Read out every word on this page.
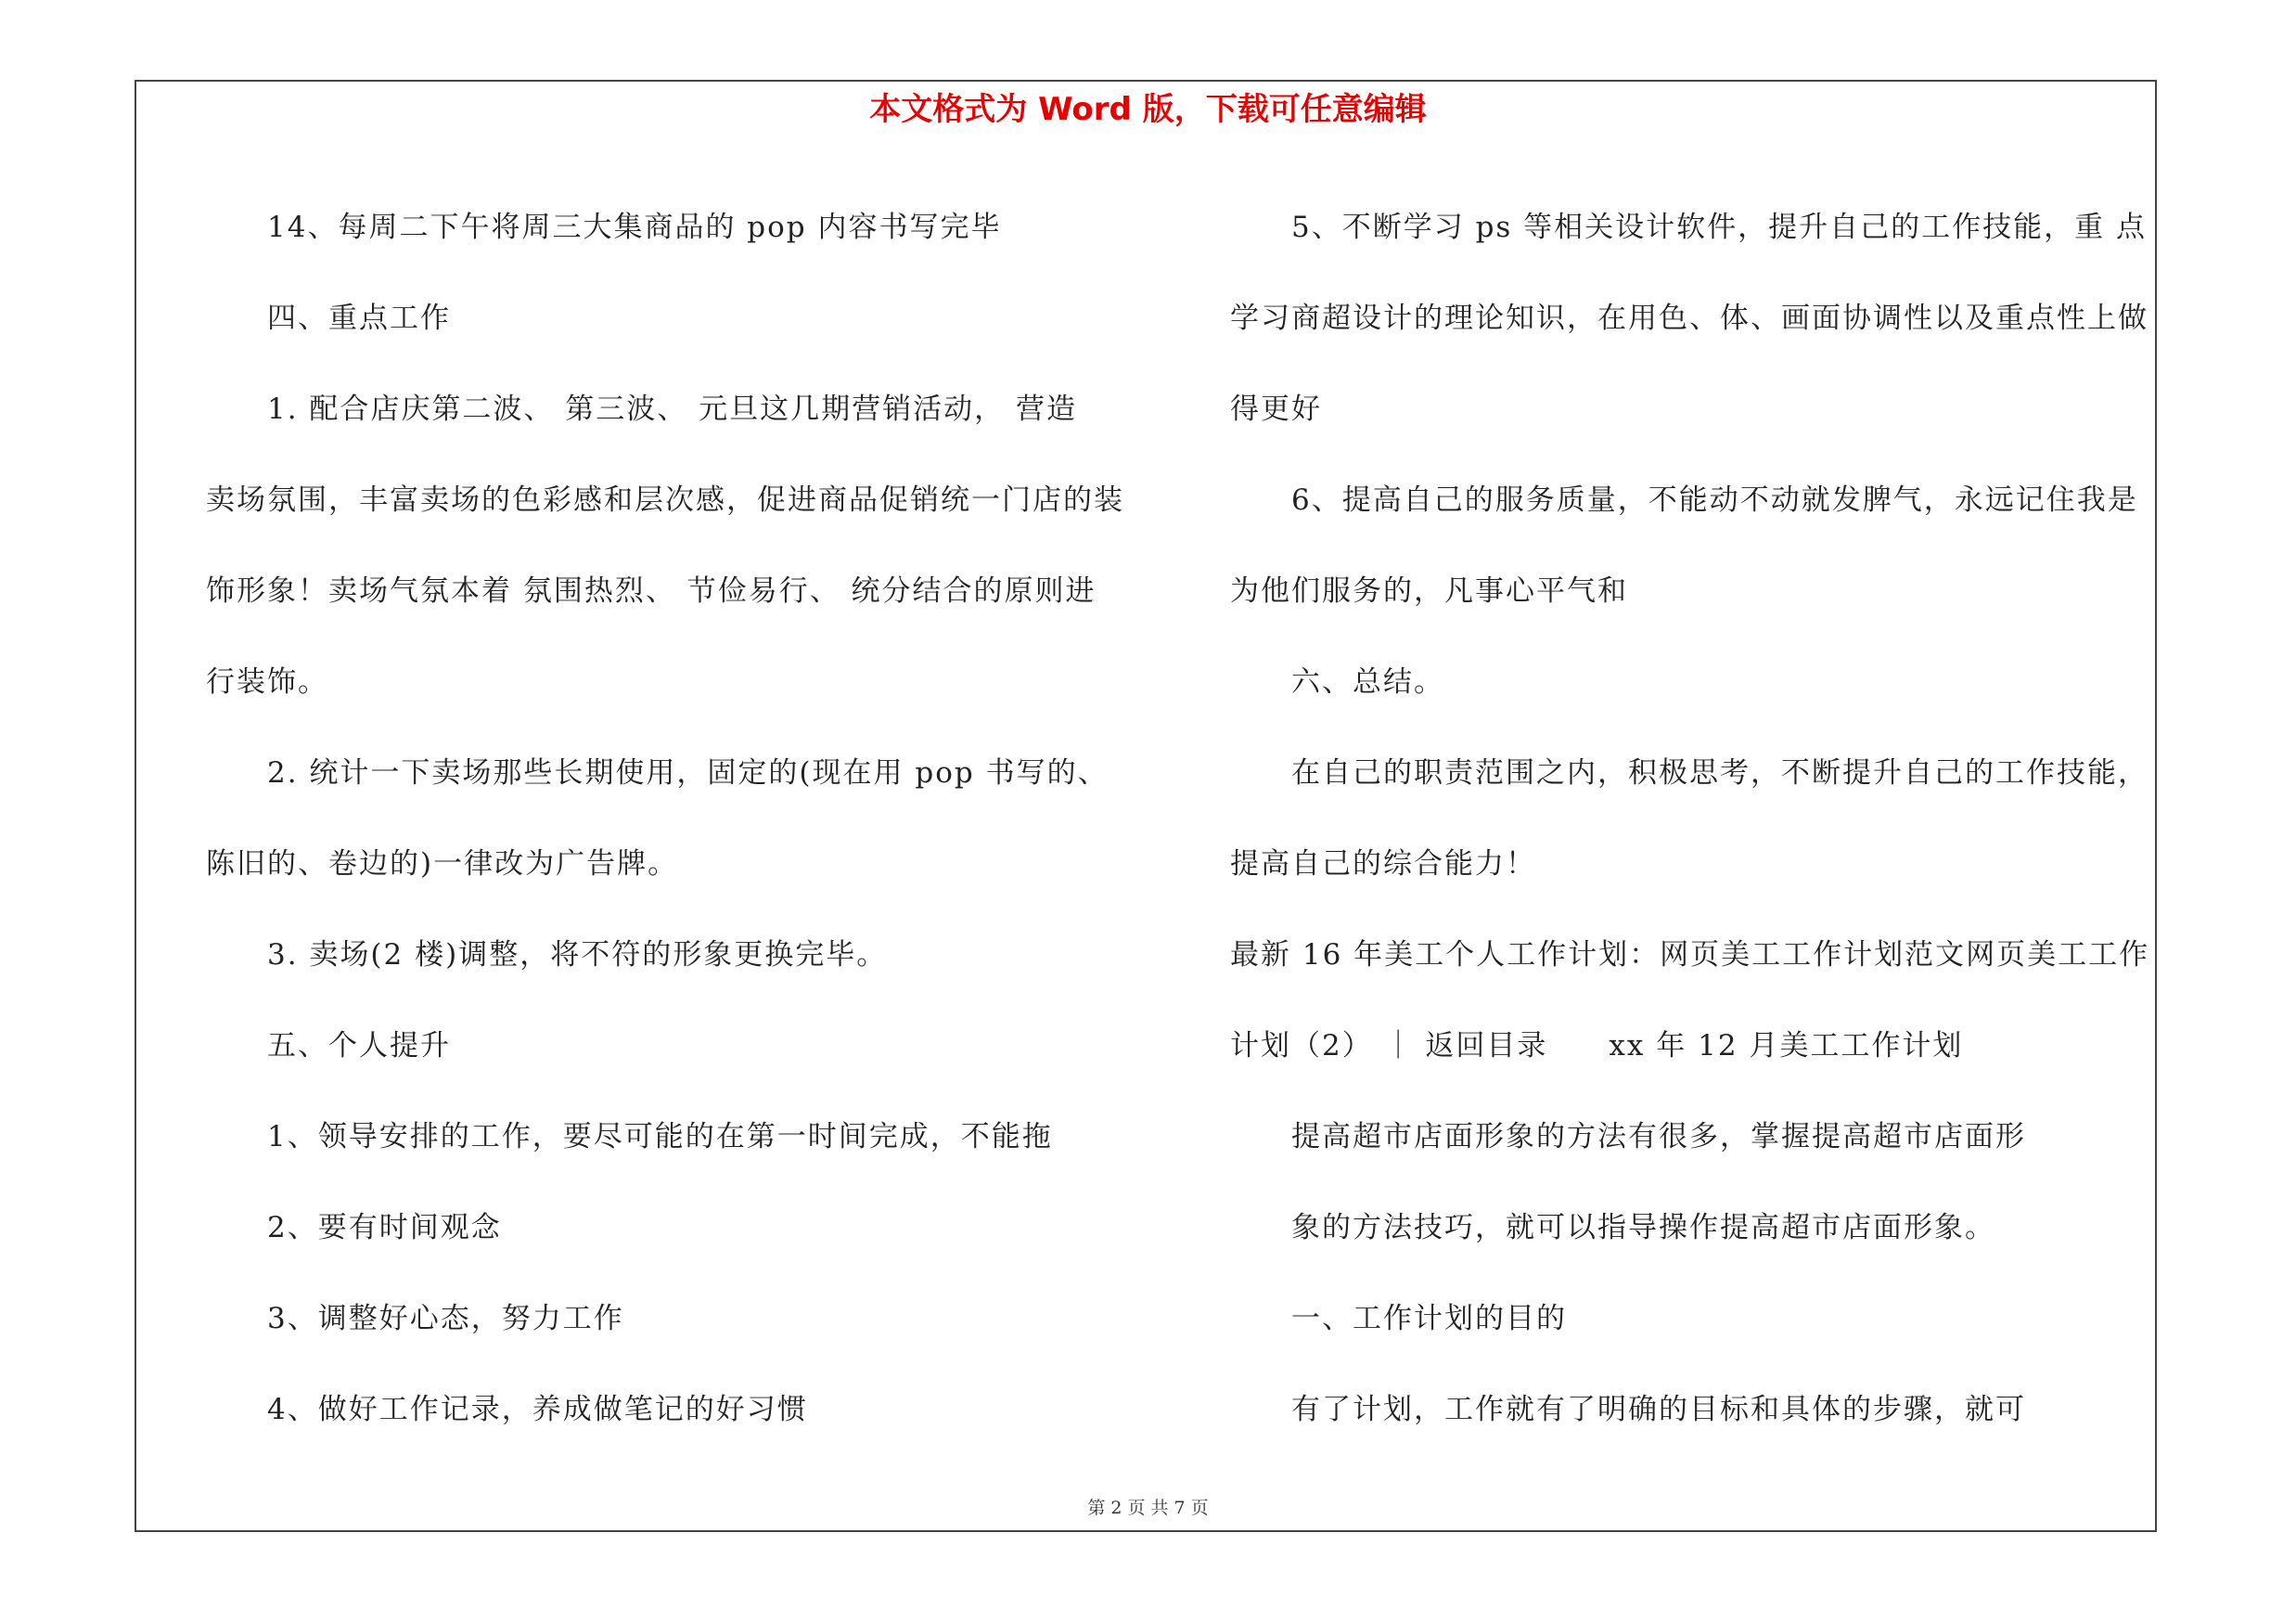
本文格式为 Word 版，下载可任意编辑
14、每周二下午将周三大集商品的 pop 内容书写完毕
四、重点工作
1. 配合店庆第二波、 第三波、 元旦这几期营销活动， 营造
卖场氛围，丰富卖场的色彩感和层次感，促进商品促销统一门店的装
饰形象！卖场气氛本着 氛围热烈、 节俭易行、 统分结合的原则进
行装饰。
2. 统计一下卖场那些长期使用，固定的(现在用 pop 书写的、
陈旧的、卷边的)一律改为广告牌。
3. 卖场(2 楼)调整，将不符的形象更换完毕。
五、个人提升
1、领导安排的工作，要尽可能的在第一时间完成，不能拖
2、要有时间观念
3、调整好心态，努力工作
4、做好工作记录，养成做笔记的好习惯
5、不断学习 ps 等相关设计软件，提升自己的工作技能，重 点
学习商超设计的理论知识，在用色、体、画面协调性以及重点性上做
得更好
6、提高自己的服务质量，不能动不动就发脾气，永远记住我是
为他们服务的，凡事心平气和
六、总结。
在自己的职责范围之内，积极思考，不断提升自己的工作技能，
提高自己的综合能力！
最新 16 年美工个人工作计划：网页美工工作计划范文网页美工工作
计划（2） ｜ 返回目录　　xx 年 12 月美工工作计划
提高超市店面形象的方法有很多，掌握提高超市店面形
象的方法技巧，就可以指导操作提高超市店面形象。
一、工作计划的目的
有了计划，工作就有了明确的目标和具体的步骤，就可
第 2 页 共 7 页
